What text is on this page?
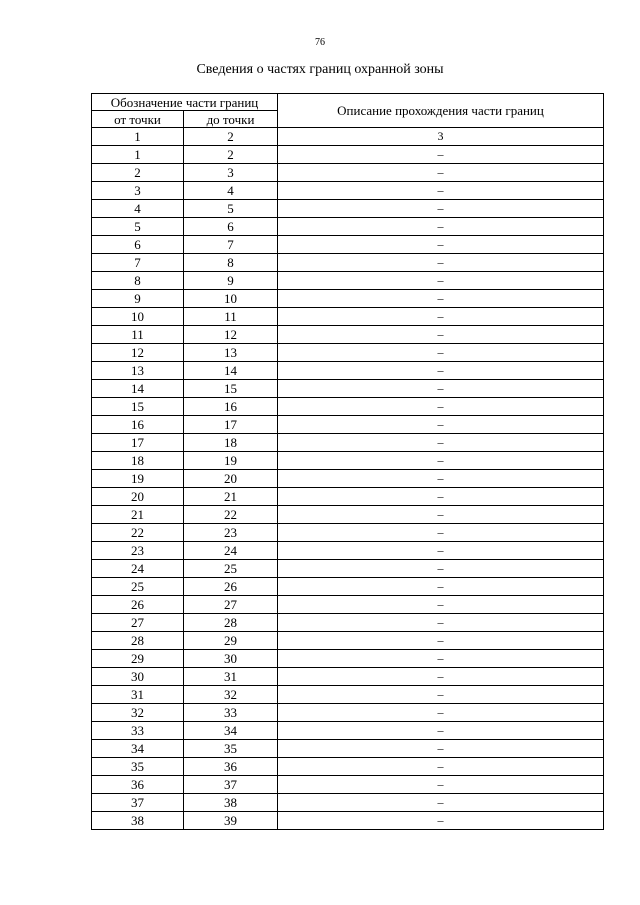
76
Сведения о частях границ охранной зоны
Обозначение части границ		Описание прохождения части границ
от точки	до точки	
1	2	3
1	2	–
2	3	–
3	4	–
4	5	–
5	6	–
6	7	–
7	8	–
8	9	–
9	10	–
10	11	–
11	12	–
12	13	–
13	14	–
14	15	–
15	16	–
16	17	–
17	18	–
18	19	–
19	20	–
20	21	–
21	22	–
22	23	–
23	24	–
24	25	–
25	26	–
26	27	–
27	28	–
28	29	–
29	30	–
30	31	–
31	32	–
32	33	–
33	34	–
34	35	–
35	36	–
36	37	–
37	38	–
38	39	–
